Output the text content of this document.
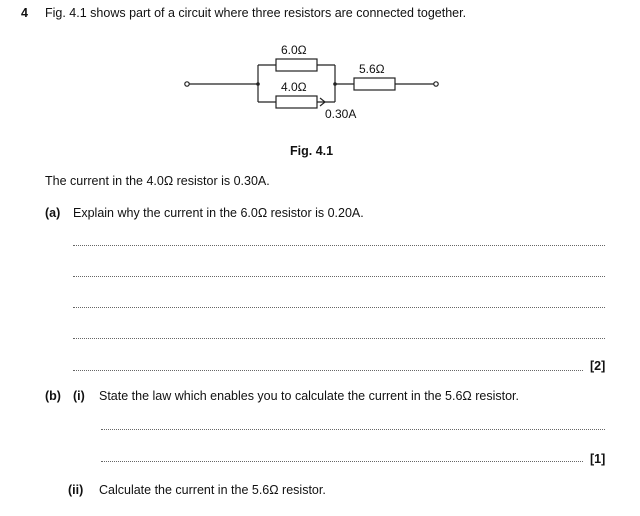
4 Fig. 4.1 shows part of a circuit where three resistors are connected together.
6.0Ω
4.0Ω
5.6Ω
0.30A
Fig. 4.1
The current in the 4.0Ω resistor is 0.30A.
(a) Explain why the current in the 6.0Ω resistor is 0.20A.
[2]
(b) (i) State the law which enables you to calculate the current in the 5.6Ω resistor.
[1]
(ii) Calculate the current in the 5.6Ω resistor.
